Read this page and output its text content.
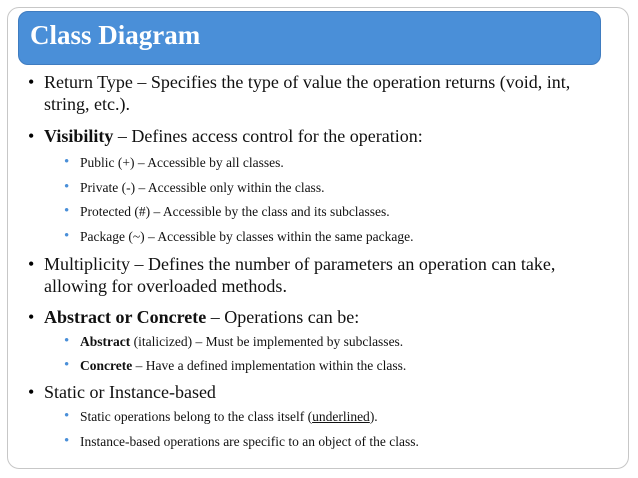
Class Diagram
• Return Type – Specifies the type of value the operation returns (void, int, string, etc.).
• Visibility – Defines access control for the operation:
• Public (+) – Accessible by all classes.
• Private (-) – Accessible only within the class.
• Protected (#) – Accessible by the class and its subclasses.
• Package (~) – Accessible by classes within the same package.
• Multiplicity – Defines the number of parameters an operation can take, allowing for overloaded methods.
• Abstract or Concrete – Operations can be:
• Abstract (italicized) – Must be implemented by subclasses.
• Concrete – Have a defined implementation within the class.
• Static or Instance-based
• Static operations belong to the class itself (underlined).
• Instance-based operations are specific to an object of the class.
